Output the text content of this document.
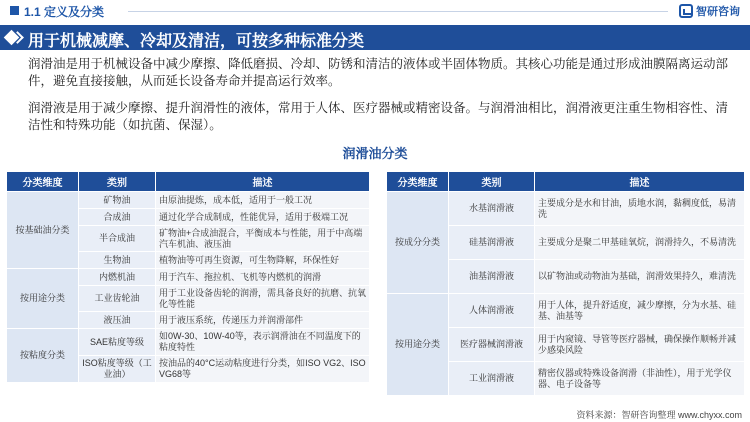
1.1 定义及分类	智研咨询
用于机械减摩、冷却及清洁，可按多种标准分类

润滑油是用于机械设备中减少摩擦、降低磨损、冷却、防锈和清洁的液体或半固体物质。其核心功能是通过形成油膜隔离运动部件，避免直接接触，从而延长设备寿命并提高运行效率。

润滑液是用于减少摩擦、提升润滑性的液体，常用于人体、医疗器械或精密设备。与润滑油相比，润滑液更注重生物相容性、清洁性和特殊功能（如抗菌、保湿）。

润滑油分类
分类维度	类别	描述
按基础油分类	矿物油	由原油提炼，成本低，适用于一般工况
	合成油	通过化学合成制成，性能优异，适用于极端工况
	半合成油	矿物油+合成油混合，平衡成本与性能，用于中高端汽车机油、液压油
	生物油	植物油等可再生资源，可生物降解，环保性好
按用途分类	内燃机油	用于汽车、拖拉机、飞机等内燃机的润滑
	工业齿轮油	用于工业设备齿轮的润滑，需具备良好的抗磨、抗氧化等性能
	液压油	用于液压系统，传递压力并润滑部件
按粘度分类	SAE粘度等级	如0W-30、10W-40等，表示润滑油在不同温度下的粘度特性
	ISO粘度等级（工业油）	按油品的40°C运动粘度进行分类，如ISO VG2、ISO VG68等
分类维度	类别	描述
按成分分类	水基润滑液	主要成分是水和甘油，质地水润，黏稠度低，易清洗
	硅基润滑液	主要成分是聚二甲基硅氧烷，润滑持久，不易清洗
	油基润滑液	以矿物油或动物油为基础，润滑效果持久，难清洗
按用途分类	人体润滑液	用于人体，提升舒适度，减少摩擦，分为水基、硅基、油基等
	医疗器械润滑液	用于内窥镜、导管等医疗器械，确保操作顺畅并减少感染风险
	工业润滑液	精密仪器或特殊设备润滑（非油性），用于光学仪器、电子设备等
资料来源：智研咨询整理 www.chyxx.com
